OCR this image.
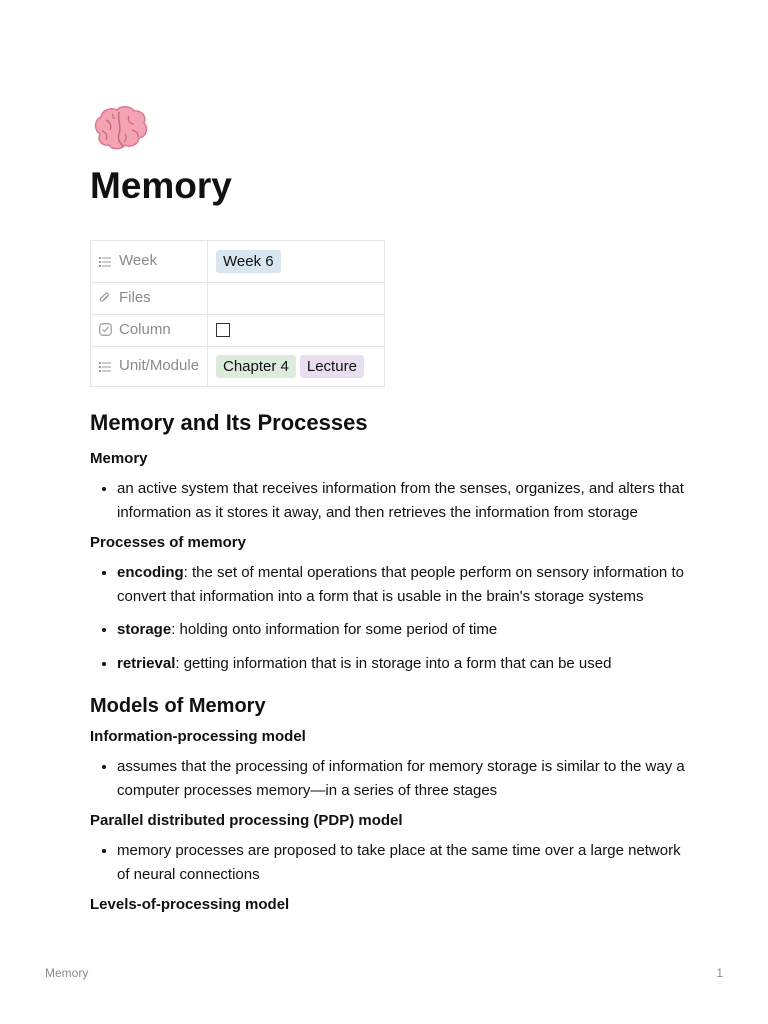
Memory
Week	Week 6
Files	
Column	
Unit/Module	Chapter 4 Lecture
Memory and Its Processes

Memory

• an active system that receives information from the senses, organizes, and alters that information as it stores it away, and then retrieves the information from storage

Processes of memory

• encoding: the set of mental operations that people perform on sensory information to convert that information into a form that is usable in the brain's storage systems
• storage: holding onto information for some period of time
• retrieval: getting information that is in storage into a form that can be used
Models of Memory

Information-processing model

• assumes that the processing of information for memory storage is similar to the way a computer processes memory—in a series of three stages

Parallel distributed processing (PDP) model

• memory processes are proposed to take place at the same time over a large network of neural connections

Levels-of-processing model

Memory	1
